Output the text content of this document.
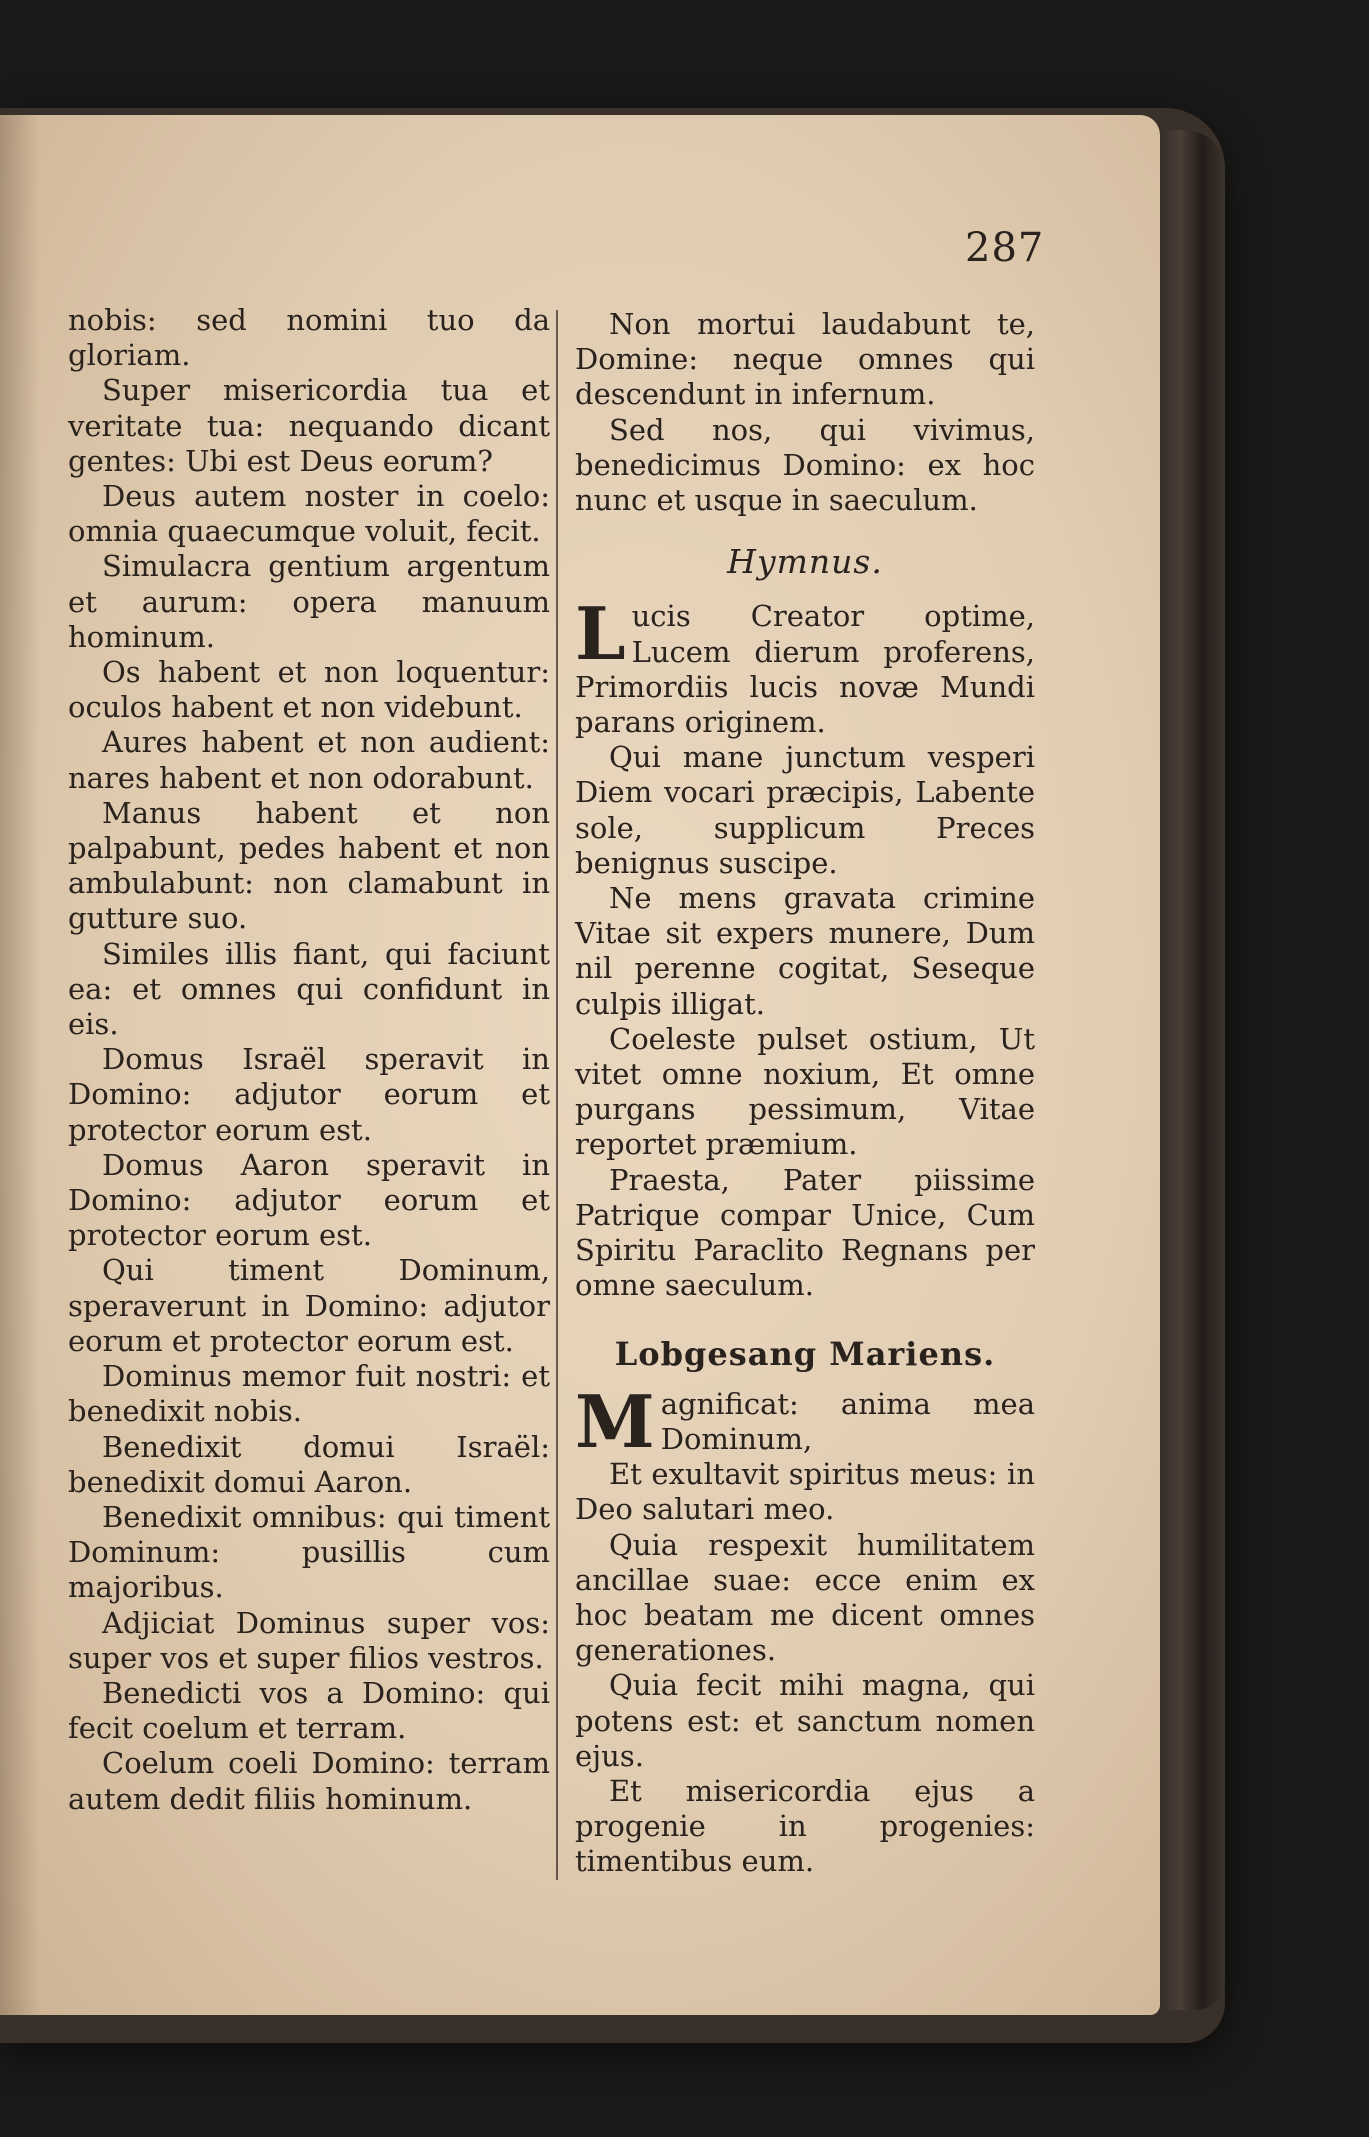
287

nobis: sed nomini tuo da gloriam.

Super misericordia tua et veritate tua: nequando dicant gentes: Ubi est Deus eorum?

Deus autem noster in coelo: omnia quaecumque voluit, fecit.

Simulacra gentium argentum et aurum: opera manuum hominum.

Os habent et non loquentur: oculos habent et non videbunt.

Aures habent et non audient: nares habent et non odorabunt.

Manus habent et non palpabunt, pedes habent et non ambulabunt: non clamabunt in gutture suo.

Similes illis fiant, qui faciunt ea: et omnes qui confidunt in eis.

Domus Israël speravit in Domino: adjutor eorum et protector eorum est.

Domus Aaron speravit in Domino: adjutor eorum et protector eorum est.

Qui timent Dominum, speraverunt in Domino: adjutor eorum et protector eorum est.

Dominus memor fuit nostri: et benedixit nobis.

Benedixit domui Israël: benedixit domui Aaron.

Benedixit omnibus: qui timent Dominum: pusillis cum majoribus.

Adjiciat Dominus super vos: super vos et super filios vestros.

Benedicti vos a Domino: qui fecit coelum et terram.

Coelum coeli Domino: terram autem dedit filiis hominum.

Non mortui laudabunt te, Domine: neque omnes qui descendunt in infernum.

Sed nos, qui vivimus, benedicimus Domino: ex hoc nunc et usque in saeculum.

Hymnus.

Lucis Creator optime, Lucem dierum proferens, Primordiis lucis novæ Mundi parans originem.

Qui mane junctum vesperi Diem vocari præcipis, Labente sole, supplicum Preces benignus suscipe.

Ne mens gravata crimine Vitae sit expers munere, Dum nil perenne cogitat, Seseque culpis illigat.

Coeleste pulset ostium, Ut vitet omne noxium, Et omne purgans pessimum, Vitae reportet præmium.

Praesta, Pater piissime Patrique compar Unice, Cum Spiritu Paraclito Regnans per omne saeculum.

Lobgesang Mariens.

Magnificat: anima mea Dominum,

Et exultavit spiritus meus: in Deo salutari meo.

Quia respexit humilitatem ancillae suae: ecce enim ex hoc beatam me dicent omnes generationes.

Quia fecit mihi magna, qui potens est: et sanctum nomen ejus.

Et misericordia ejus a progenie in progenies: timentibus eum.
